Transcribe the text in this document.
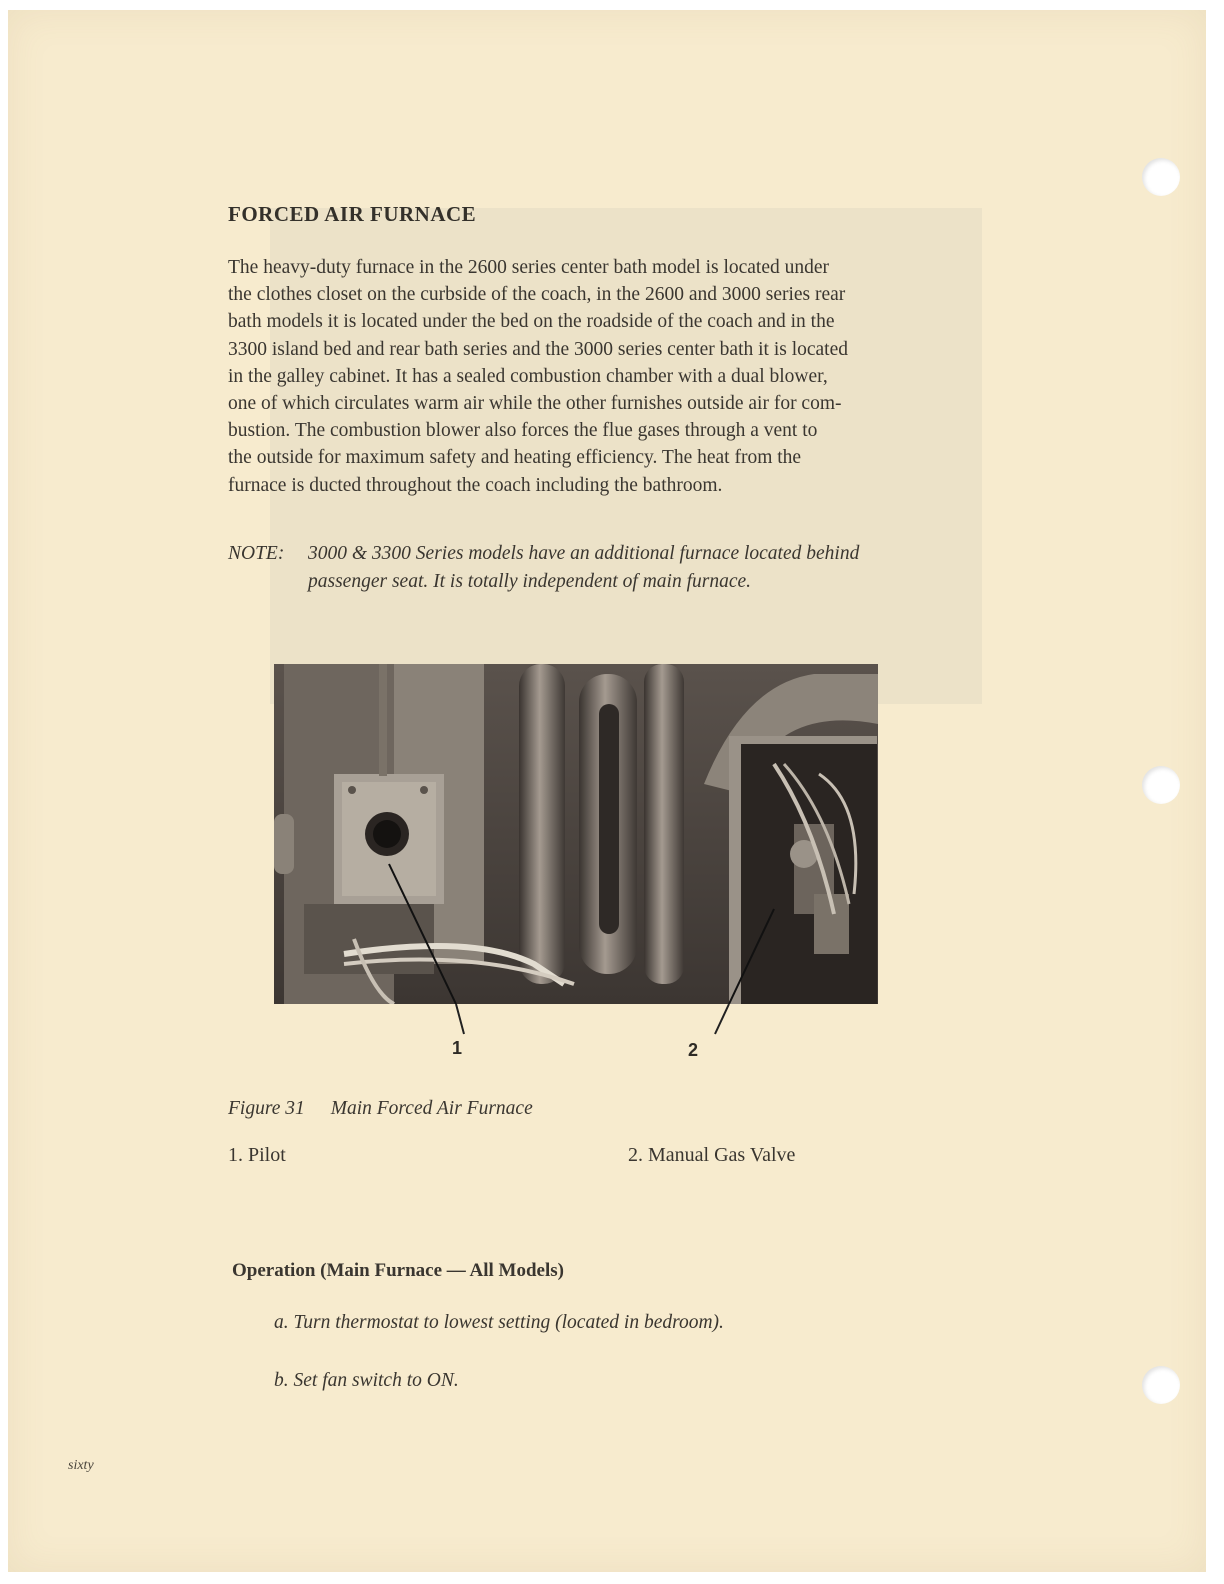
FORCED AIR FURNACE
The heavy-duty furnace in the 2600 series center bath model is located under
the clothes closet on the curbside of the coach, in the 2600 and 3000 series rear
bath models it is located under the bed on the roadside of the coach and in the
3300 island bed and rear bath series and the 3000 series center bath it is located
in the galley cabinet. It has a sealed combustion chamber with a dual blower,
one of which circulates warm air while the other furnishes outside air for com-
bustion. The combustion blower also forces the flue gases through a vent to
the outside for maximum safety and heating efficiency. The heat from the
furnace is ducted throughout the coach including the bathroom.
NOTE: 3000 & 3300 Series models have an additional furnace located behind
passenger seat. It is totally independent of main furnace.
1	2
Figure 31 Main Forced Air Furnace
1. Pilot	2. Manual Gas Valve
Operation (Main Furnace — All Models)
a. Turn thermostat to lowest setting (located in bedroom).
b. Set fan switch to ON.
sixty
